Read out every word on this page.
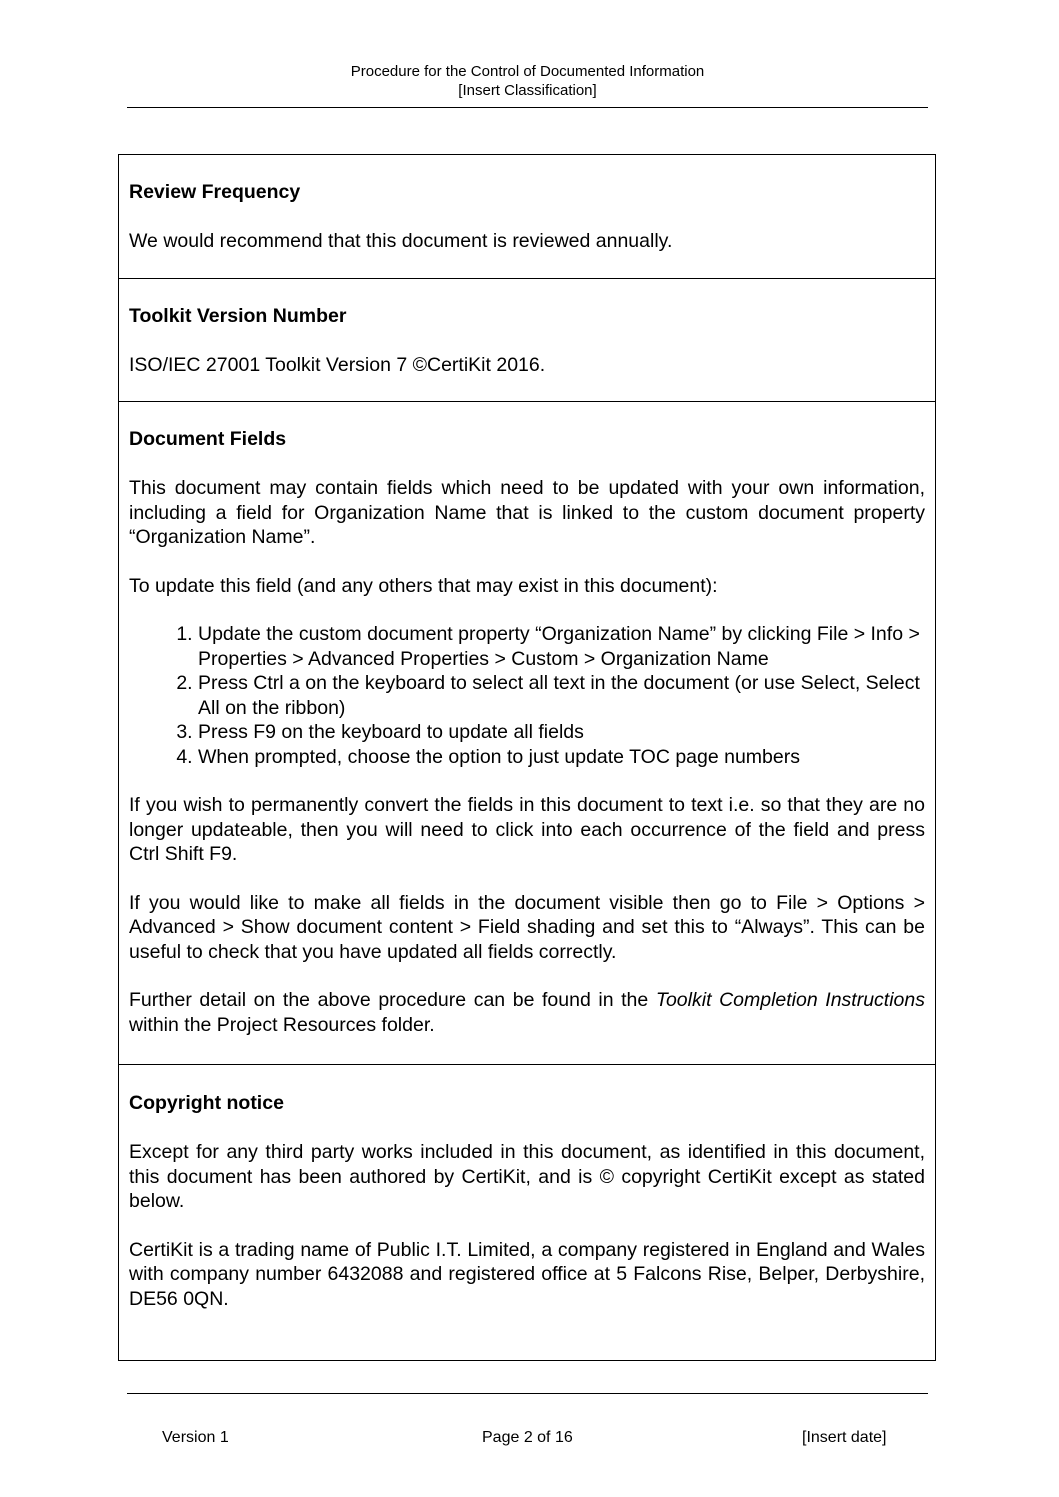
Procedure for the Control of Documented Information
[Insert Classification]

Review Frequency

We would recommend that this document is reviewed annually.

Toolkit Version Number

ISO/IEC 27001 Toolkit Version 7 ©CertiKit 2016.

Document Fields

This document may contain fields which need to be updated with your own information, including a field for Organization Name that is linked to the custom document property “Organization Name”.

To update this field (and any others that may exist in this document):

1. Update the custom document property “Organization Name” by clicking File > Info > Properties > Advanced Properties > Custom > Organization Name
2. Press Ctrl a on the keyboard to select all text in the document (or use Select, Select All on the ribbon)
3. Press F9 on the keyboard to update all fields
4. When prompted, choose the option to just update TOC page numbers

If you wish to permanently convert the fields in this document to text i.e. so that they are no longer updateable, then you will need to click into each occurrence of the field and press Ctrl Shift F9.

If you would like to make all fields in the document visible then go to File > Options > Advanced > Show document content > Field shading and set this to “Always”. This can be useful to check that you have updated all fields correctly.

Further detail on the above procedure can be found in the Toolkit Completion Instructions within the Project Resources folder.

Copyright notice

Except for any third party works included in this document, as identified in this document, this document has been authored by CertiKit, and is © copyright CertiKit except as stated below.

CertiKit is a trading name of Public I.T. Limited, a company registered in England and Wales with company number 6432088 and registered office at 5 Falcons Rise, Belper, Derbyshire, DE56 0QN.

Version 1	Page 2 of 16	[Insert date]
